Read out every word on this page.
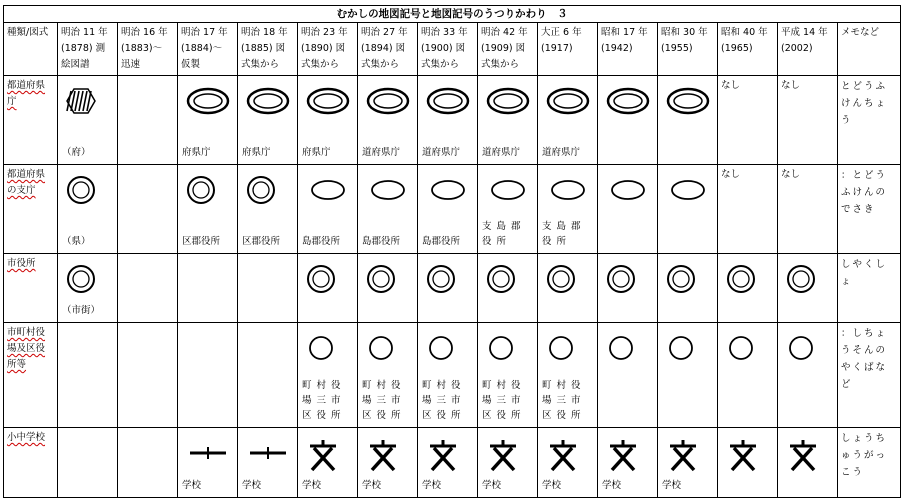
むかしの地図記号と地図記号のうつりかわり　３														
種類/図式	明治 11 年 (1878) 測絵図譜	明治 16 年 (1883)〜 迅速	明治 17 年 (1884)〜 仮製	明治 18 年 (1885) 図式集から	明治 23 年 (1890) 図式集から	明治 27 年 (1894) 図式集から	明治 33 年 (1900) 図式集から	明治 42 年 (1909) 図式集から	大正 6 年 (1917)	昭和 17 年 (1942)	昭和 30 年 (1955)	昭和 40 年 (1965)	平成 14 年 (2002)	メモなど
都道府県庁	（府）		府県庁	府県庁	府県庁	道府県庁	道府県庁	道府県庁	道府県庁			なし	なし	とどうふけんちょう
都道府県の支庁	（県）		区郡役所	区郡役所	島郡役所	島郡役所	島郡役所	支 島 郡 役 所	支 島 郡 役 所			なし	なし	：とどうふけんのでさき
市役所	（市街）													しやくしょ
市町村役場及区役所等					町 村 役 場 三 市 区 役 所	町 村 役 場 三 市 区 役 所	町 村 役 場 三 市 区 役 所	町 村 役 場 三 市 区 役 所	町 村 役 場 三 市 区 役 所					：しちょうそんのやくばなど
小中学校			学校	学校	学校	学校	学校	学校	学校	学校	学校			しょうちゅうがっこう
